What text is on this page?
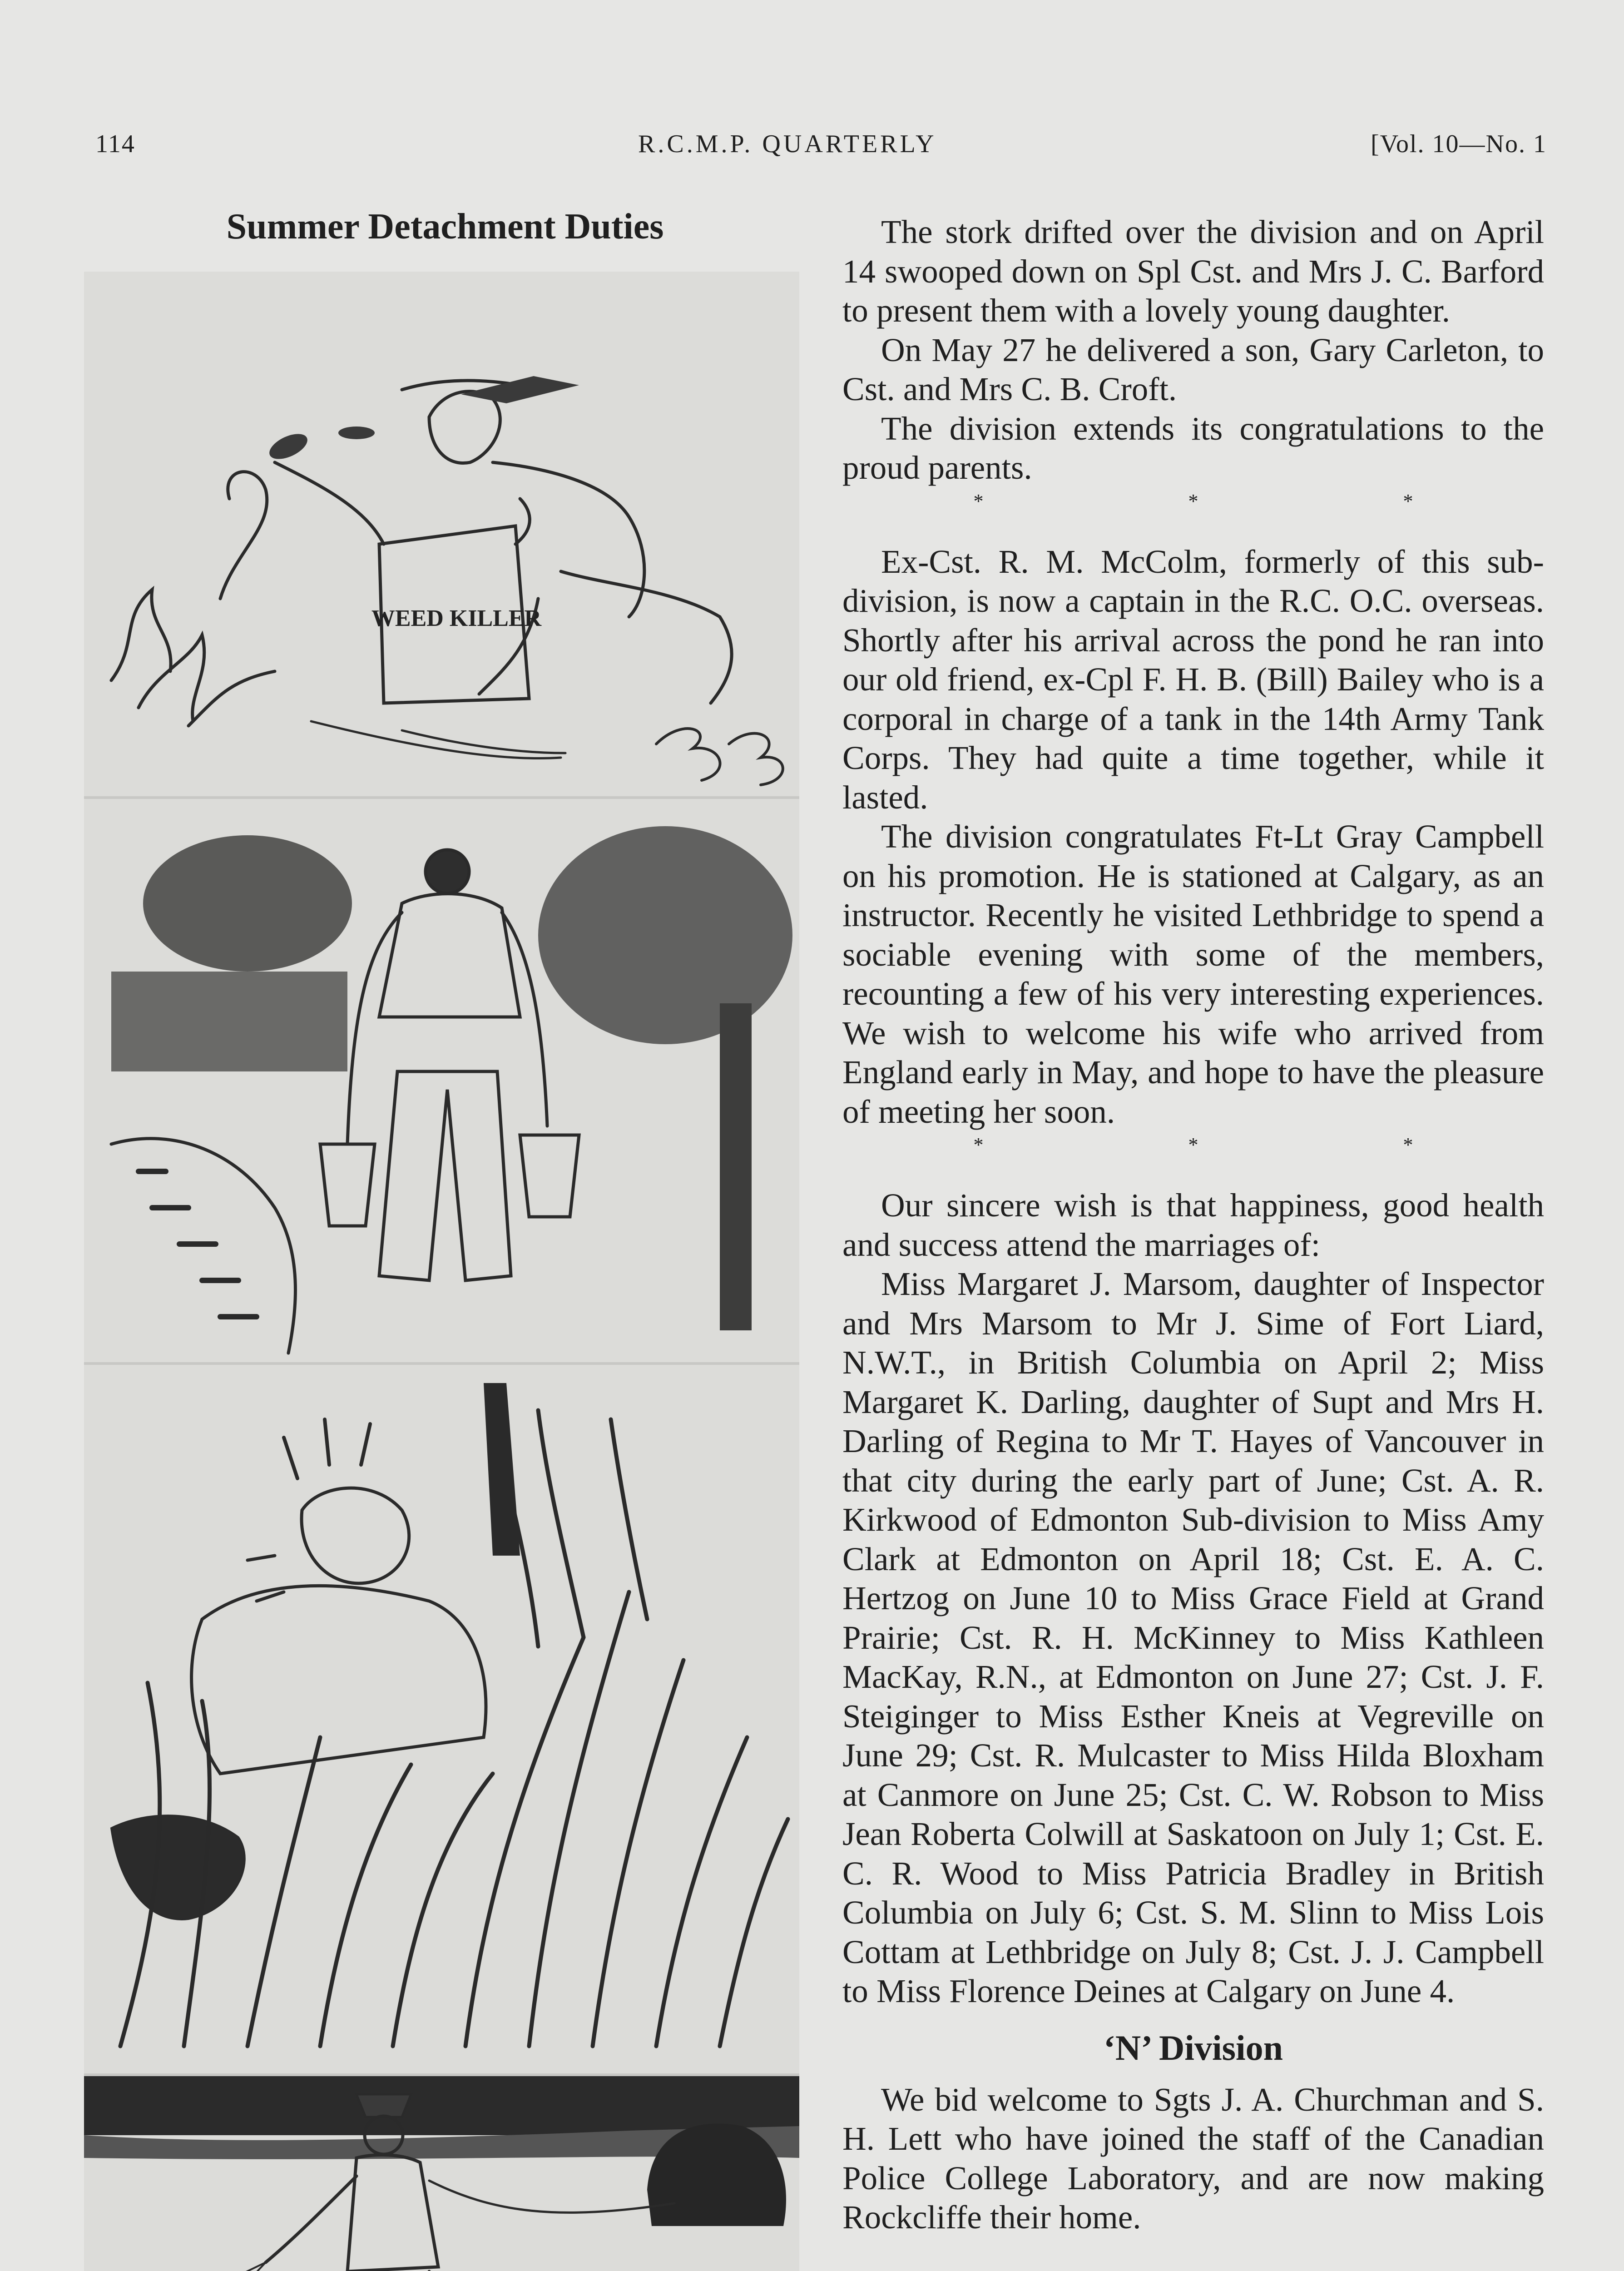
114	R.C.M.P. QUARTERLY	[Vol. 10—No. 1
Summer Detachment Duties
WEED KILLER
33

The stork drifted over the division and on April 14 swooped down on Spl Cst. and Mrs J. C. Barford to present them with a lovely young daughter.

On May 27 he delivered a son, Gary Carleton, to Cst. and Mrs C. B. Croft.

The division extends its congratulations to the proud parents.

* * *

Ex-Cst. R. M. McColm, formerly of this sub-division, is now a captain in the R.C. O.C. overseas. Shortly after his arrival across the pond he ran into our old friend, ex-Cpl F. H. B. (Bill) Bailey who is a corporal in charge of a tank in the 14th Army Tank Corps. They had quite a time together, while it lasted.

The division congratulates Ft-Lt Gray Campbell on his promotion. He is stationed at Calgary, as an instructor. Recently he visited Lethbridge to spend a sociable evening with some of the members, recounting a few of his very interesting experiences. We wish to welcome his wife who arrived from England early in May, and hope to have the pleasure of meeting her soon.

* * *

Our sincere wish is that happiness, good health and success attend the marriages of:

Miss Margaret J. Marsom, daughter of Inspector and Mrs Marsom to Mr J. Sime of Fort Liard, N.W.T., in British Columbia on April 2; Miss Margaret K. Darling, daughter of Supt and Mrs H. Darling of Regina to Mr T. Hayes of Vancouver in that city during the early part of June; Cst. A. R. Kirkwood of Edmonton Sub-division to Miss Amy Clark at Edmonton on April 18; Cst. E. A. C. Hertzog on June 10 to Miss Grace Field at Grand Prairie; Cst. R. H. McKinney to Miss Kathleen MacKay, R.N., at Edmonton on June 27; Cst. J. F. Steiginger to Miss Esther Kneis at Vegreville on June 29; Cst. R. Mulcaster to Miss Hilda Bloxham at Canmore on June 25; Cst. C. W. Robson to Miss Jean Roberta Colwill at Saskatoon on July 1; Cst. E. C. R. Wood to Miss Patricia Bradley in British Columbia on July 6; Cst. S. M. Slinn to Miss Lois Cottam at Lethbridge on July 8; Cst. J. J. Campbell to Miss Florence Deines at Calgary on June 4.

‘N’ Division

We bid welcome to Sgts J. A. Churchman and S. H. Lett who have joined the staff of the Canadian Police College Laboratory, and are now making Rockcliffe their home.
